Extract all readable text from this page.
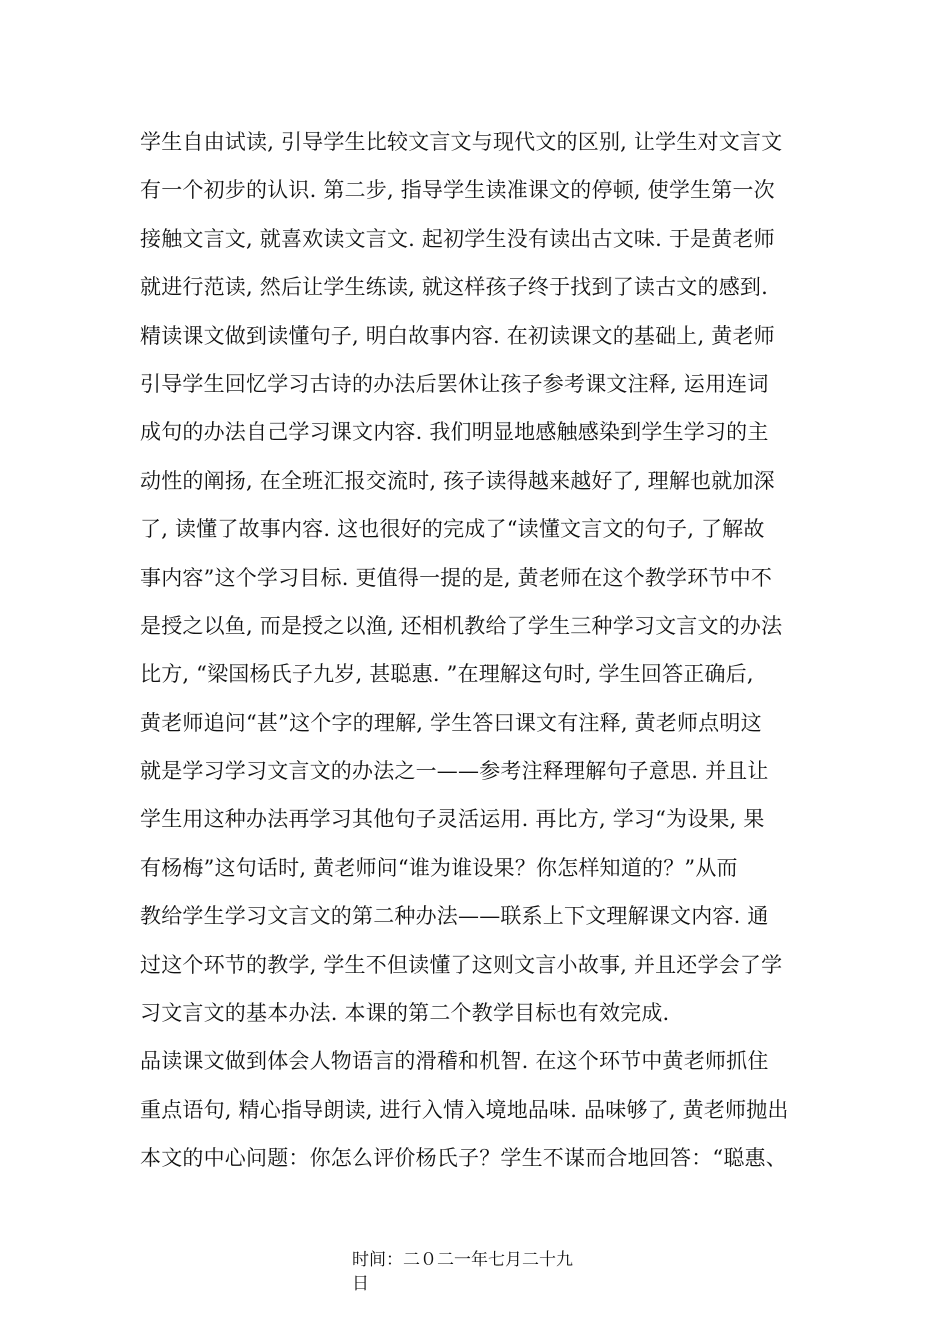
学生自由试读, 引导学生比较文言文与现代文的区别, 让学生对文言文
有一个初步的认识. 第二步, 指导学生读准课文的停顿, 使学生第一次
接触文言文, 就喜欢读文言文. 起初学生没有读出古文味. 于是黄老师
就进行范读, 然后让学生练读, 就这样孩子终于找到了读古文的感到.
精读课文做到读懂句子, 明白故事内容. 在初读课文的基础上, 黄老师
引导学生回忆学习古诗的办法后罢休让孩子参考课文注释, 运用连词
成句的办法自己学习课文内容. 我们明显地感触感染到学生学习的主
动性的阐扬, 在全班汇报交流时, 孩子读得越来越好了, 理解也就加深
了, 读懂了故事内容. 这也很好的完成了“读懂文言文的句子, 了解故
事内容”这个学习目标. 更值得一提的是, 黄老师在这个教学环节中不
是授之以鱼, 而是授之以渔, 还相机教给了学生三种学习文言文的办法
比方, “梁国杨氏子九岁, 甚聪惠. ”在理解这句时, 学生回答正确后,
黄老师追问“甚”这个字的理解, 学生答曰课文有注释, 黄老师点明这
就是学习学习文言文的办法之一——参考注释理解句子意思. 并且让
学生用这种办法再学习其他句子灵活运用. 再比方, 学习“为设果, 果
有杨梅”这句话时, 黄老师问“谁为谁设果？你怎样知道的？”从而
教给学生学习文言文的第二种办法——联系上下文理解课文内容. 通
过这个环节的教学, 学生不但读懂了这则文言小故事, 并且还学会了学
习文言文的基本办法. 本课的第二个教学目标也有效完成.
品读课文做到体会人物语言的滑稽和机智. 在这个环节中黄老师抓住
重点语句, 精心指导朗读, 进行入情入境地品味. 品味够了, 黄老师抛出
本文的中心问题：你怎么评价杨氏子？学生不谋而合地回答：“聪惠、
时间：二０二一年七月二十九
日
